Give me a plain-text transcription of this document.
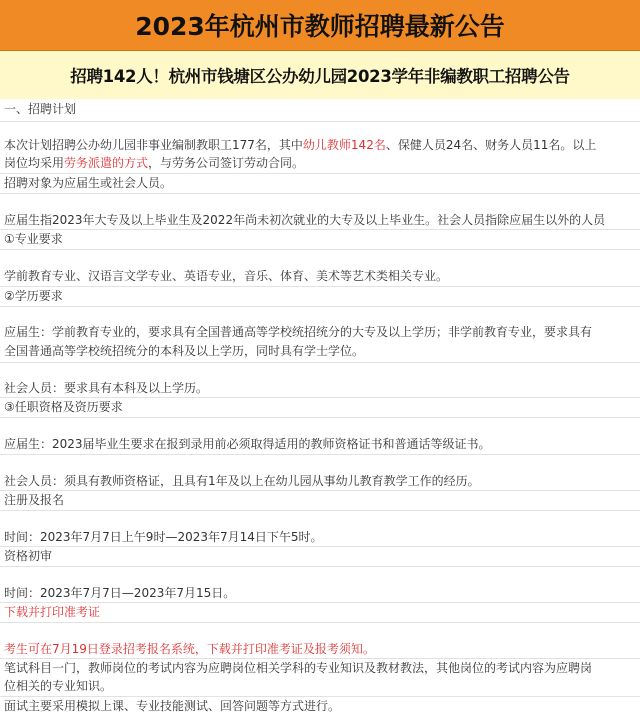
2023年杭州市教师招聘最新公告
招聘142人！杭州市钱塘区公办幼儿园2023学年非编教职工招聘公告
一、招聘计划
本次计划招聘公办幼儿园非事业编制教职工177名，其中幼儿教师142名、保健人员24名、财务人员11名。以上
岗位均采用劳务派遣的方式，与劳务公司签订劳动合同。
招聘对象为应届生或社会人员。
应届生指2023年大专及以上毕业生及2022年尚未初次就业的大专及以上毕业生。社会人员指除应届生以外的人员
①专业要求
学前教育专业、汉语言文学专业、英语专业，音乐、体育、美术等艺术类相关专业。
②学历要求
应届生：学前教育专业的，要求具有全国普通高等学校统招统分的大专及以上学历；非学前教育专业，要求具有
全国普通高等学校统招统分的本科及以上学历，同时具有学士学位。
社会人员：要求具有本科及以上学历。
③任职资格及资历要求
应届生：2023届毕业生要求在报到录用前必须取得适用的教师资格证书和普通话等级证书。
社会人员：须具有教师资格证，且具有1年及以上在幼儿园从事幼儿教育教学工作的经历。
注册及报名
时间：2023年7月7日上午9时—2023年7月14日下午5时。
资格初审
时间：2023年7月7日—2023年7月15日。
下载并打印准考证
考生可在7月19日登录招考报名系统，下载并打印准考证及报考须知。
笔试科目一门，教师岗位的考试内容为应聘岗位相关学科的专业知识及教材教法，其他岗位的考试内容为应聘岗
位相关的专业知识。
面试主要采用模拟上课、专业技能测试、回答问题等方式进行。
